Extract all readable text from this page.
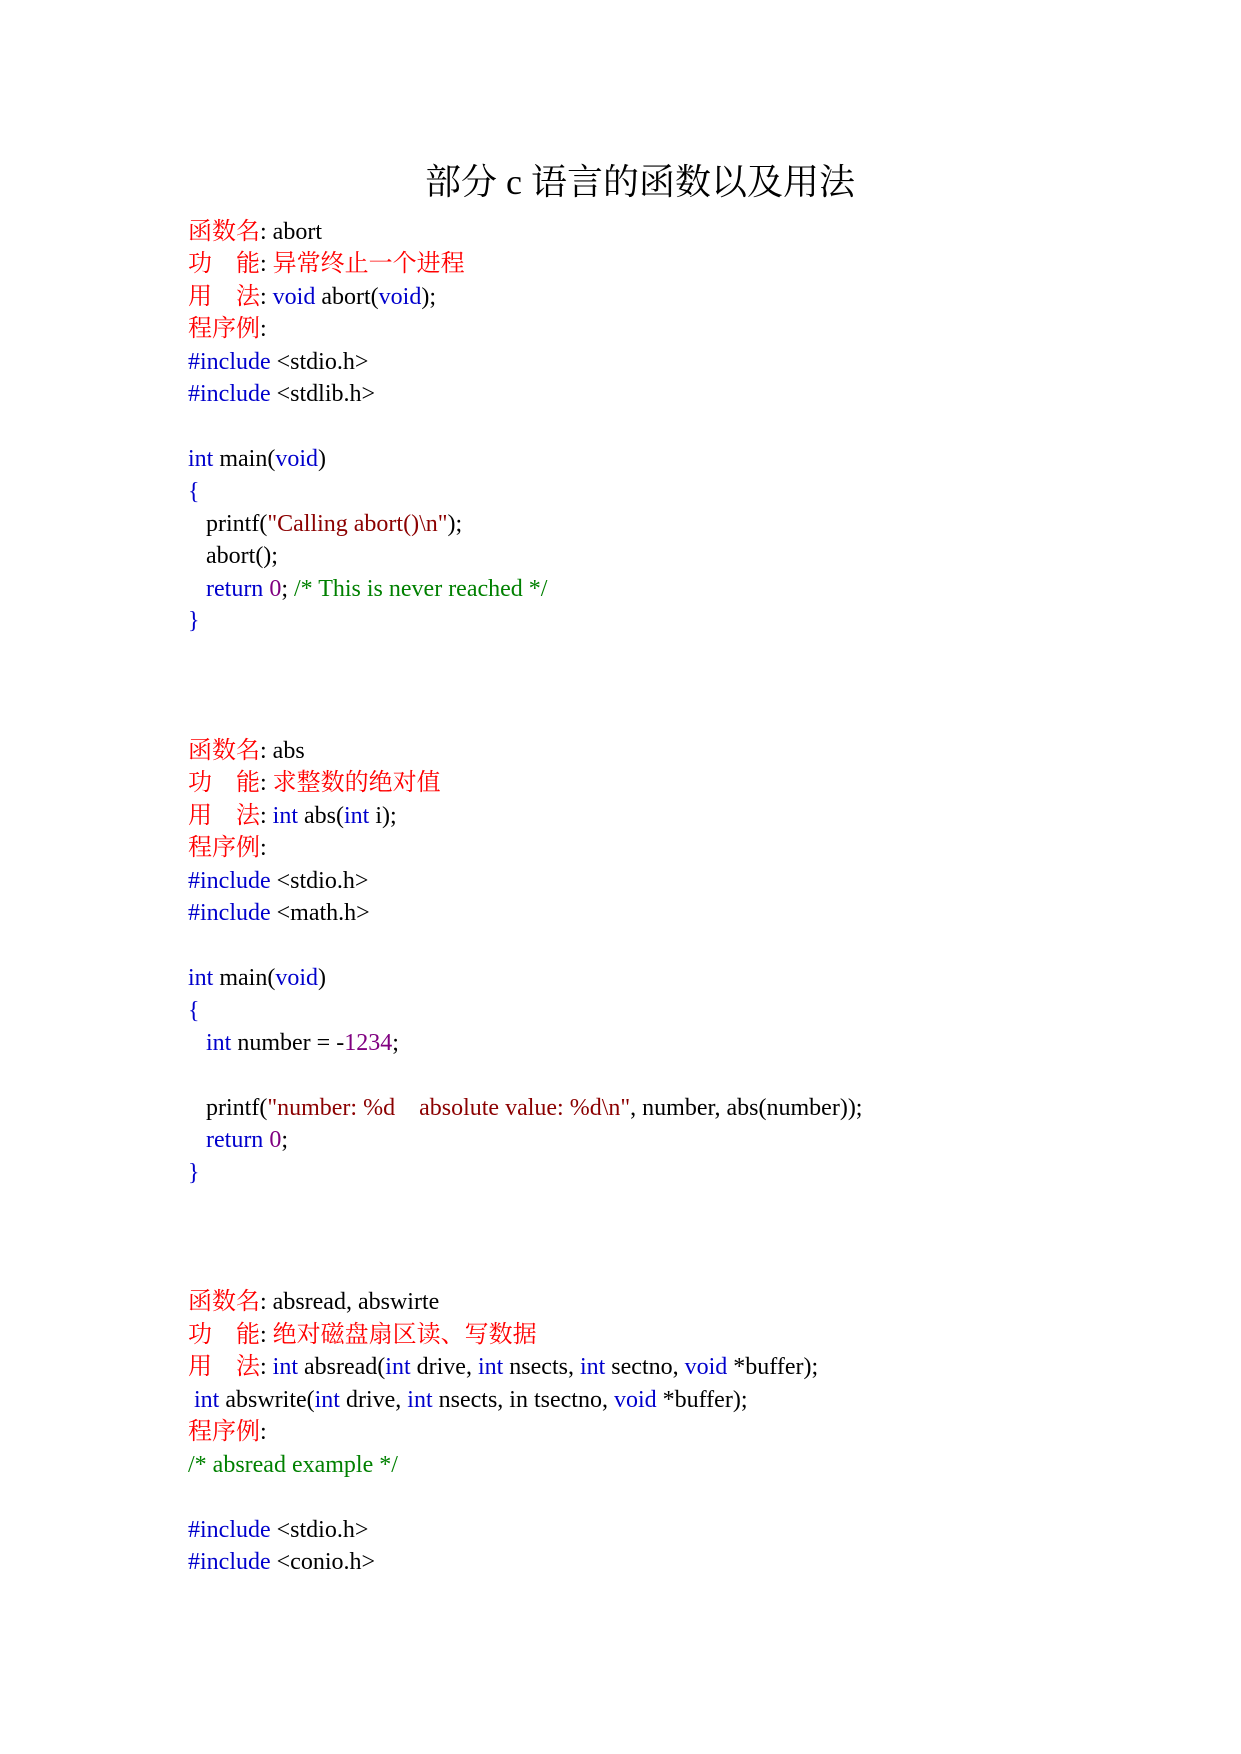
部分 c 语言的函数以及用法
函数名: abort
功    能: 异常终止一个进程
用    法: void abort(void);
程序例:
#include <stdio.h>
#include <stdlib.h>
int main(void)
{
printf("Calling abort()\n");
abort();
return 0; /* This is never reached */
}
函数名: abs
功    能: 求整数的绝对值
用    法: int abs(int i);
程序例:
#include <stdio.h>
#include <math.h>
int main(void)
{
int number = -1234;
printf("number: %d    absolute value: %d\n", number, abs(number));
return 0;
}
函数名: absread, abswirte
功    能: 绝对磁盘扇区读、写数据
用    法: int absread(int drive, int nsects, int sectno, void *buffer);
int abswrite(int drive, int nsects, in tsectno, void *buffer);
程序例:
/* absread example */
#include <stdio.h>
#include <conio.h>
